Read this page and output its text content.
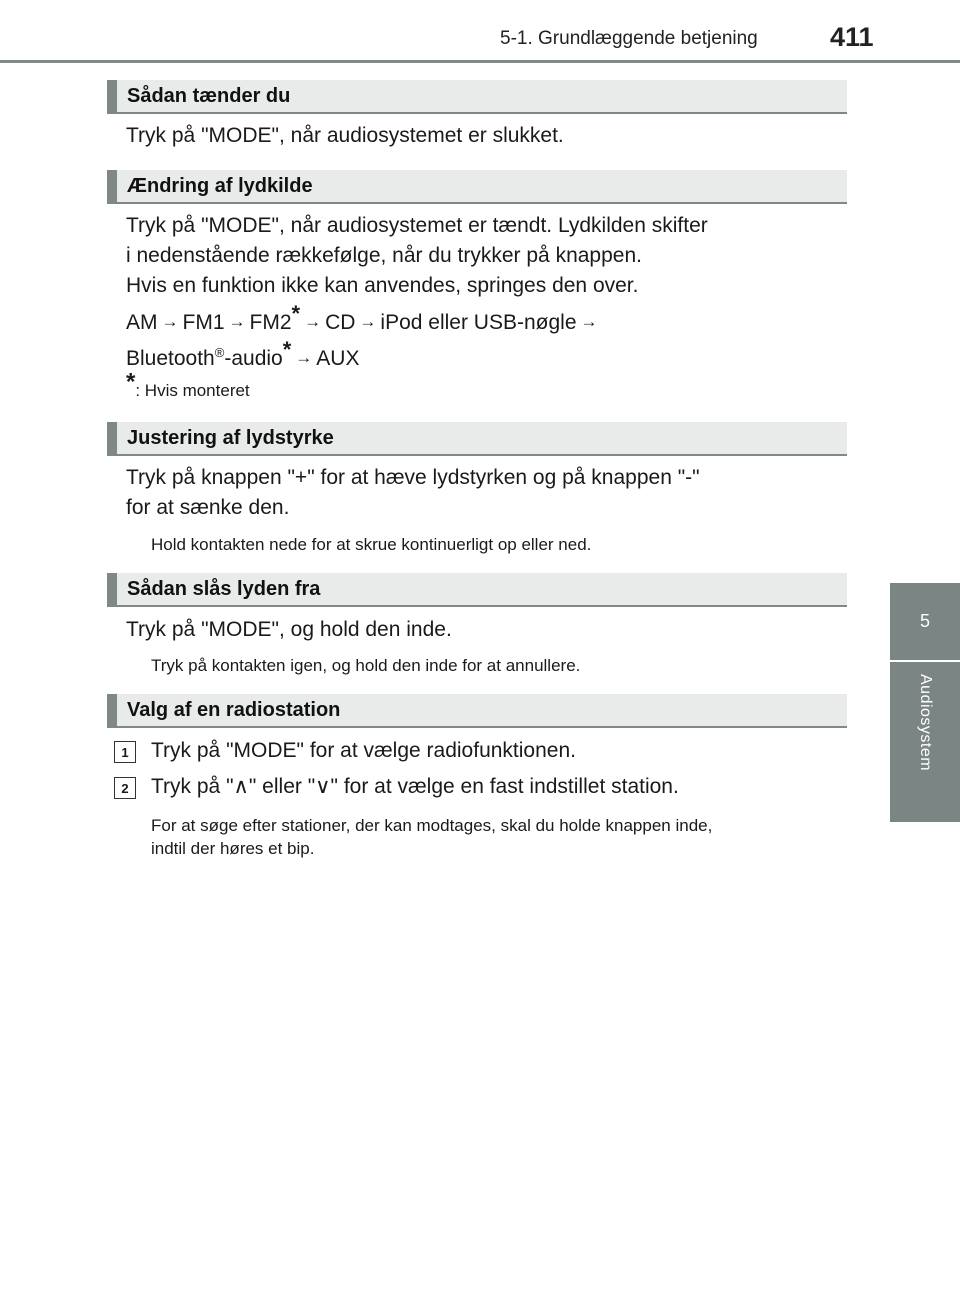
5-1. Grundlæggende betjening	411
5
Audiosystem
Sådan tænder du
Tryk på "MODE", når audiosystemet er slukket.
Ændring af lydkilde
Tryk på "MODE", når audiosystemet er tændt. Lydkilden skifter
i nedenstående rækkefølge, når du trykker på knappen.
Hvis en funktion ikke kan anvendes, springes den over.
AM → FM1 → FM2* → CD → iPod eller USB-nøgle →
Bluetooth®-audio* → AUX
*: Hvis monteret
Justering af lydstyrke
Tryk på knappen "+" for at hæve lydstyrken og på knappen "-"
for at sænke den.
Hold kontakten nede for at skrue kontinuerligt op eller ned.
Sådan slås lyden fra
Tryk på "MODE", og hold den inde.
Tryk på kontakten igen, og hold den inde for at annullere.
Valg af en radiostation
1	Tryk på "MODE" for at vælge radiofunktionen.
2	Tryk på "∧" eller "∨" for at vælge en fast indstillet station.
For at søge efter stationer, der kan modtages, skal du holde knappen inde,
indtil der høres et bip.
